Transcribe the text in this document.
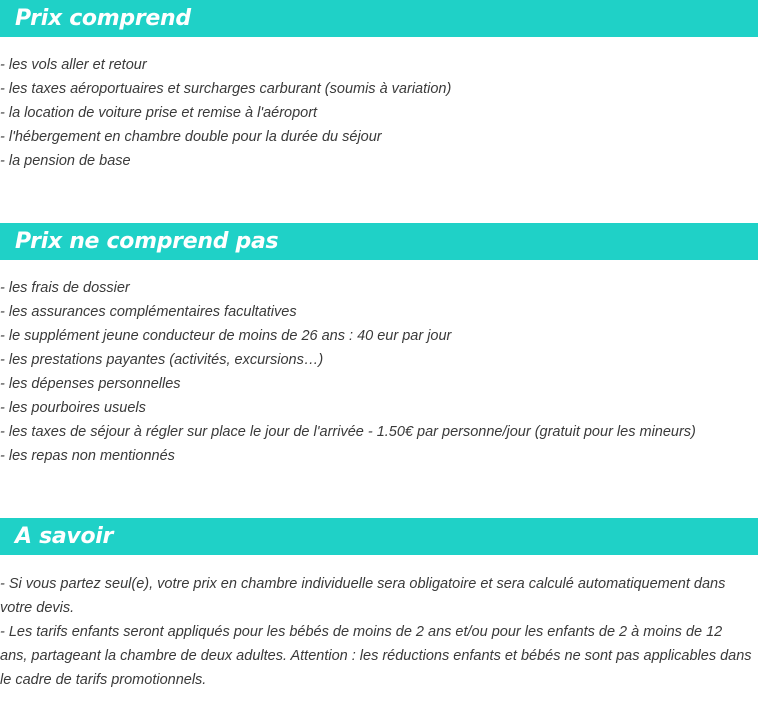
Prix comprend
- les vols aller et retour
- les taxes aéroportuaires et surcharges carburant (soumis à variation)
- la location de voiture prise et remise à l'aéroport
- l'hébergement en chambre double pour la durée du séjour
- la pension de base
Prix ne comprend pas
- les frais de dossier
- les assurances complémentaires facultatives
- le supplément jeune conducteur de moins de 26 ans : 40 eur par jour
- les prestations payantes (activités, excursions…)
- les dépenses personnelles
- les pourboires usuels
- les taxes de séjour à régler sur place le jour de l'arrivée - 1.50€ par personne/jour (gratuit pour les mineurs)
- les repas non mentionnés
A savoir
- Si vous partez seul(e), votre prix en chambre individuelle sera obligatoire et sera calculé automatiquement dans votre devis.
- Les tarifs enfants seront appliqués pour les bébés de moins de 2 ans et/ou pour les enfants de 2 à moins de 12 ans, partageant la chambre de deux adultes. Attention : les réductions enfants et bébés ne sont pas applicables dans le cadre de tarifs promotionnels.
